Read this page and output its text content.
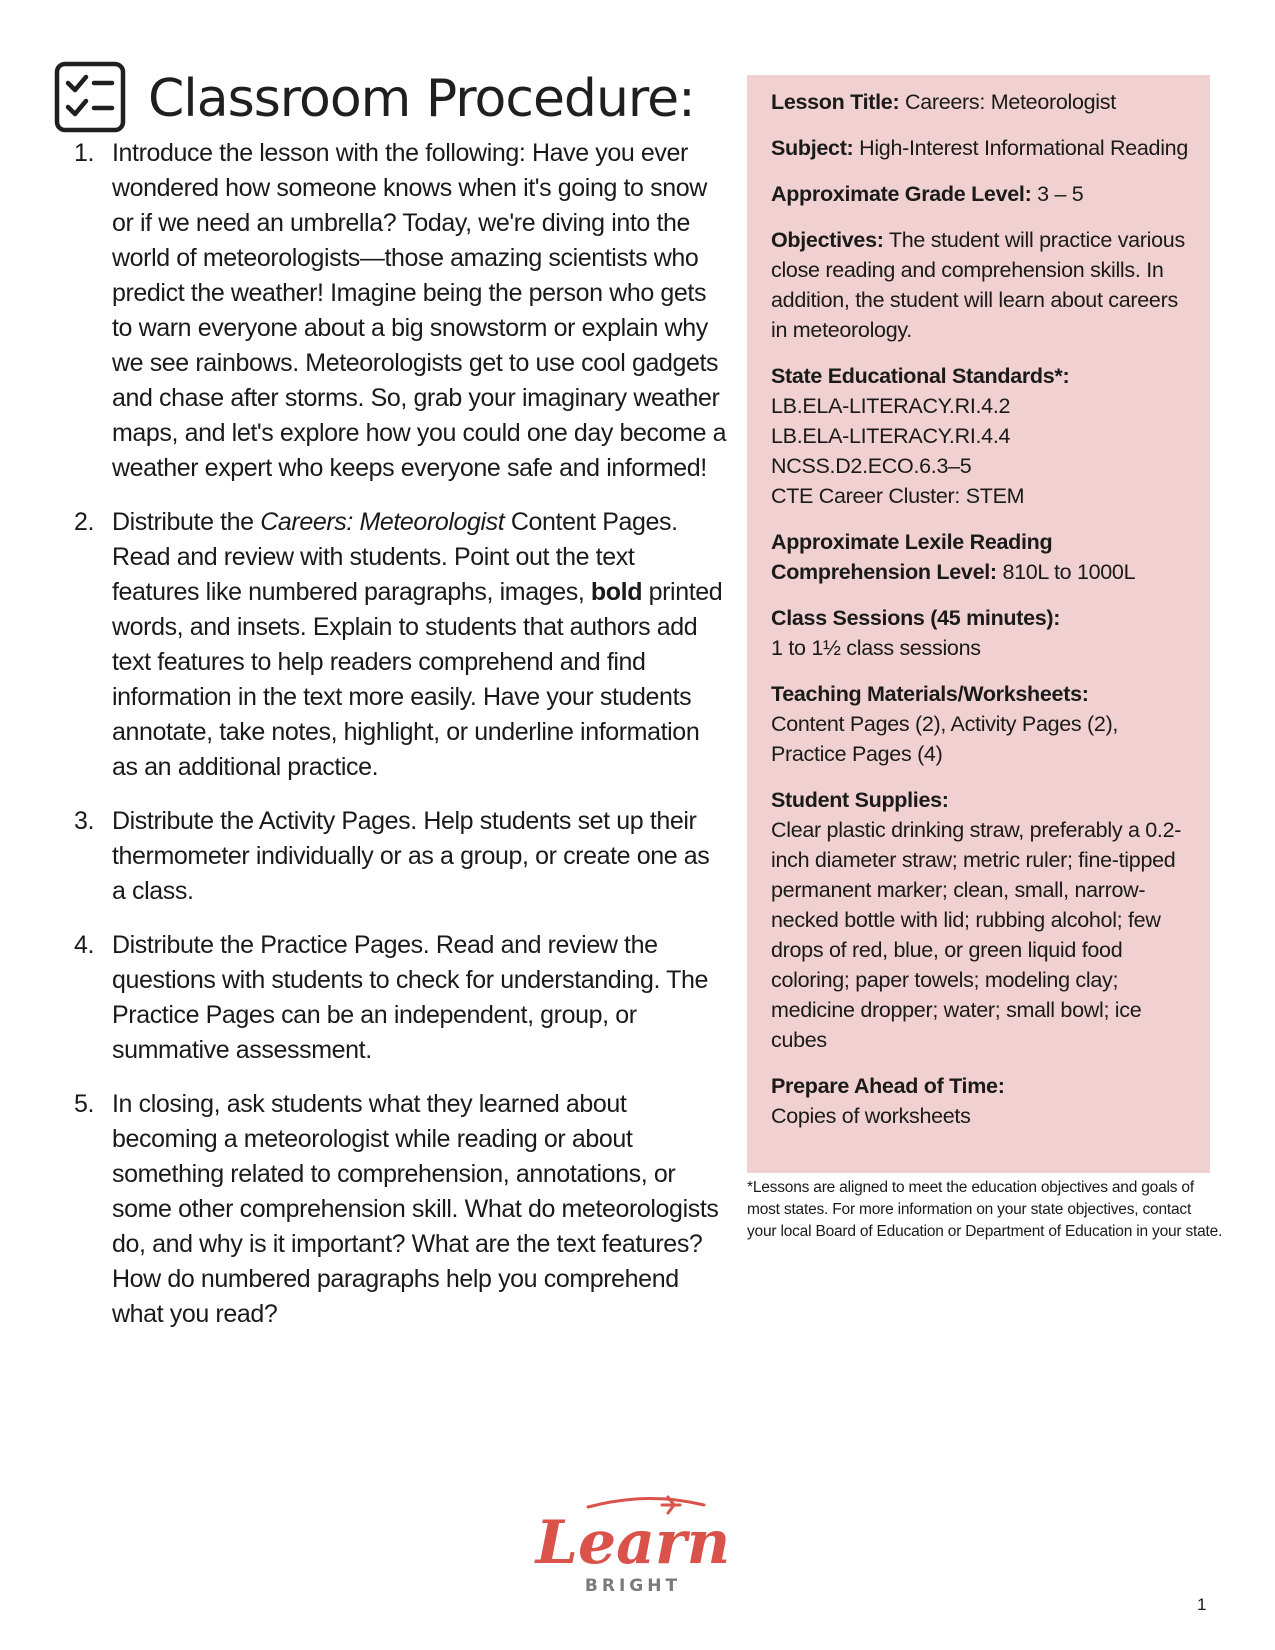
Classroom Procedure:
1. Introduce the lesson with the following: Have you ever wondered how someone knows when it's going to snow or if we need an umbrella? Today, we're diving into the world of meteorologists—those amazing scientists who predict the weather! Imagine being the person who gets to warn everyone about a big snowstorm or explain why we see rainbows. Meteorologists get to use cool gadgets and chase after storms. So, grab your imaginary weather maps, and let's explore how you could one day become a weather expert who keeps everyone safe and informed!
2. Distribute the Careers: Meteorologist Content Pages. Read and review with students. Point out the text features like numbered paragraphs, images, bold printed words, and insets. Explain to students that authors add text features to help readers comprehend and find information in the text more easily. Have your students annotate, take notes, highlight, or underline information as an additional practice.
3. Distribute the Activity Pages. Help students set up their thermometer individually or as a group, or create one as a class.
4. Distribute the Practice Pages. Read and review the questions with students to check for understanding. The Practice Pages can be an independent, group, or summative assessment.
5. In closing, ask students what they learned about becoming a meteorologist while reading or about something related to comprehension, annotations, or some other comprehension skill. What do meteorologists do, and why is it important? What are the text features? How do numbered paragraphs help you comprehend what you read?
Lesson Title: Careers: Meteorologist
Subject: High-Interest Informational Reading
Approximate Grade Level: 3 – 5
Objectives: The student will practice various close reading and comprehension skills. In addition, the student will learn about careers in meteorology.
State Educational Standards*:
LB.ELA-LITERACY.RI.4.2
LB.ELA-LITERACY.RI.4.4
NCSS.D2.ECO.6.3–5
CTE Career Cluster: STEM
Approximate Lexile Reading
Comprehension Level: 810L to 1000L
Class Sessions (45 minutes):
1 to 1½ class sessions
Teaching Materials/Worksheets:
Content Pages (2), Activity Pages (2), Practice Pages (4)
Student Supplies:
Clear plastic drinking straw, preferably a 0.2-inch diameter straw; metric ruler; fine-tipped permanent marker; clean, small, narrow-necked bottle with lid; rubbing alcohol; few drops of red, blue, or green liquid food coloring; paper towels; modeling clay; medicine dropper; water; small bowl; ice cubes
Prepare Ahead of Time:
Copies of worksheets
*Lessons are aligned to meet the education objectives and goals of
most states. For more information on your state objectives, contact
your local Board of Education or Department of Education in your state.
Learn
BRIGHT
1
